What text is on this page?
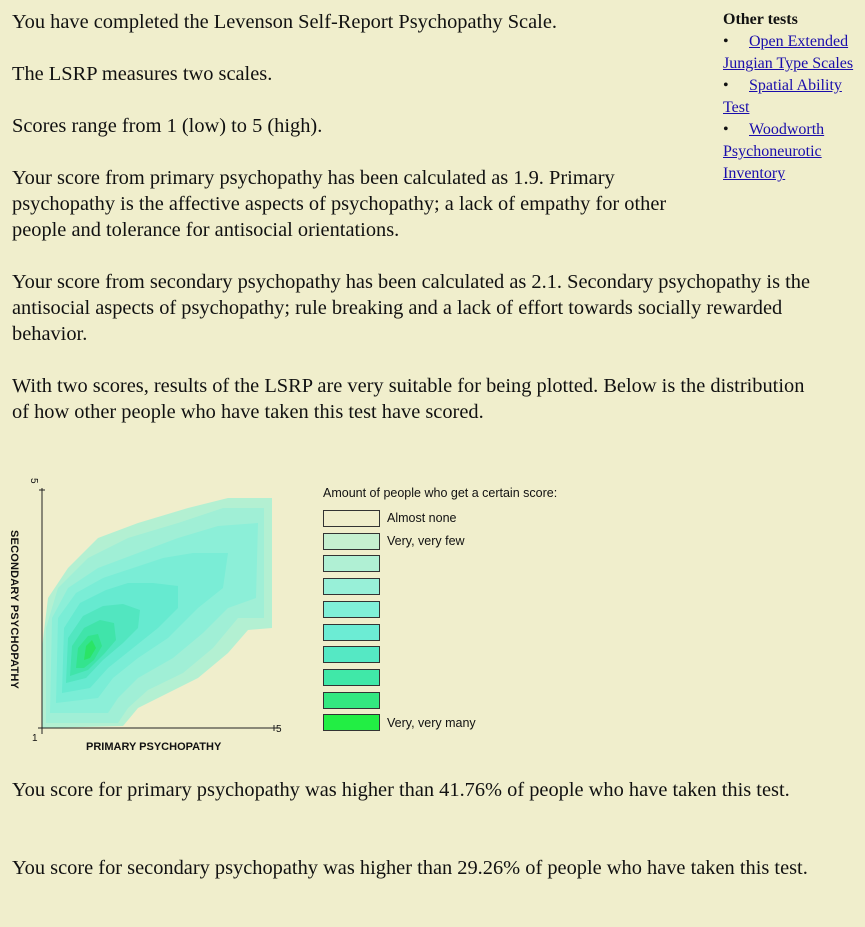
You have completed the Levenson Self-Report Psychopathy Scale.

The LSRP measures two scales.

Scores range from 1 (low) to 5 (high).

Your score from primary psychopathy has been calculated as 1.9. Primary psychopathy is the affective aspects of psychopathy; a lack of empathy for other people and tolerance for antisocial orientations.

Your score from secondary psychopathy has been calculated as 2.1. Secondary psychopathy is the antisocial aspects of psychopathy; rule breaking and a lack of effort towards socially rewarded behavior.

With two scores, results of the LSRP are very suitable for being plotted. Below is the distribution of how other people who have taken this test have scored.

You score for primary psychopathy was higher than 41.76% of people who have taken this test.

You score for secondary psychopathy was higher than 29.26% of people who have taken this test.

Other tests
• Open Extended Jungian Type Scales
• Spatial Ability Test
• Woodworth Psychoneurotic Inventory
1
5
5
SECONDARY PSYCHOPATHY
PRIMARY PSYCHOPATHY
Amount of people who get a certain score:
Almost none
Very, very few
Very, very many
